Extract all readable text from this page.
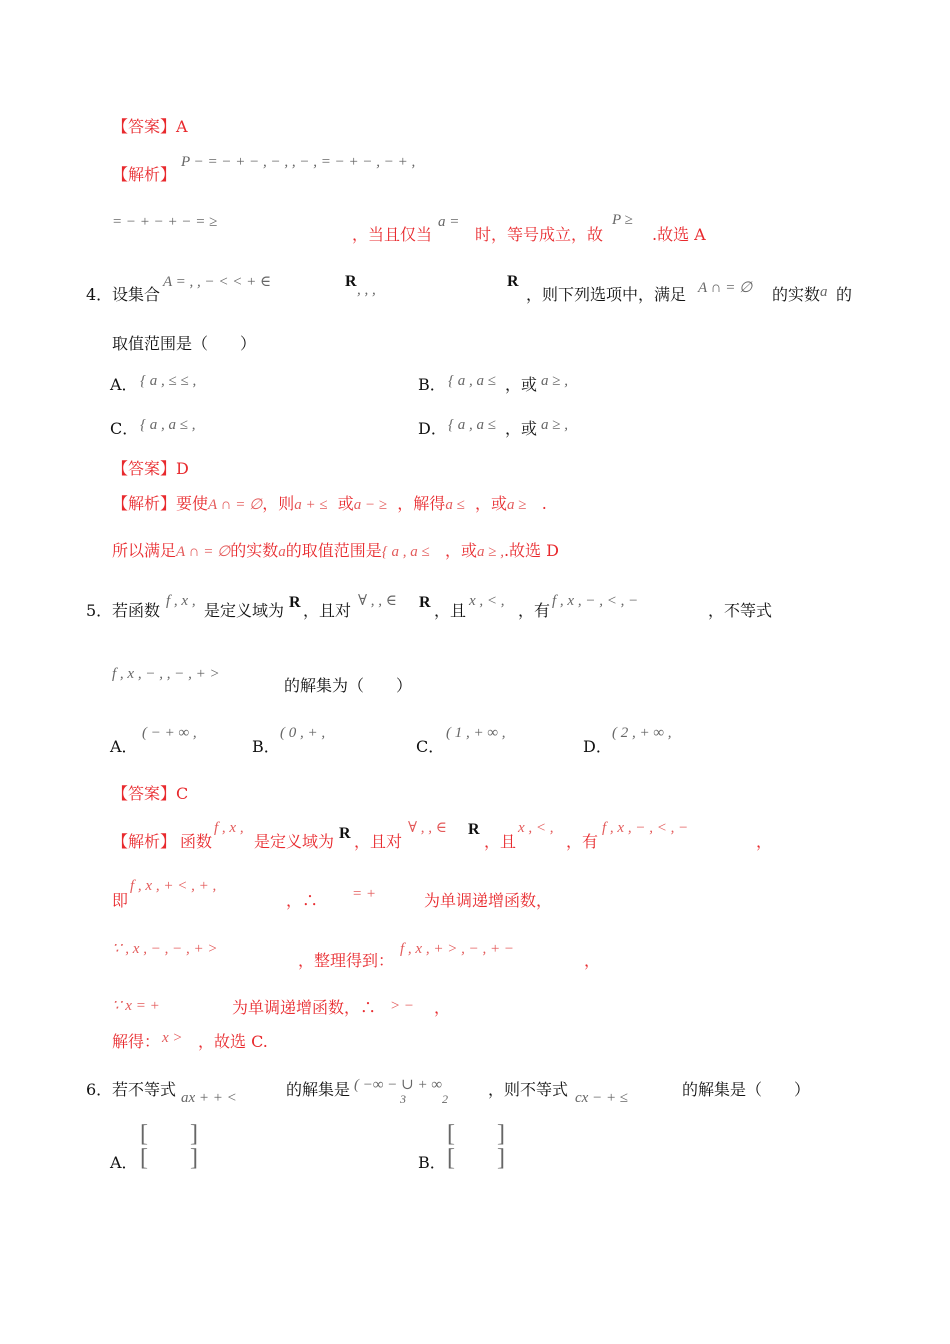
【答案】A
【解析】
P − = − + − , − , , − , = − + − , − + ,
= − + − + − = ≥
，当且仅当
a =
时，等号成立，故
P ≥
.故选 A
4． 设集合
A = , , − < < + ∈	R , , ,	R
，则下列选项中，满足 A ∩ = ∅ 的实数 a 的
取值范围是（　　）
A． { a , ≤ ≤ ,	B． { a , a ≤ ，或 a ≥ ,
C． { a , a ≤ ,	D． { a , a ≤ ，或 a ≥ ,
【答案】D
【解析】要使A ∩ = ∅，则a + ≤ 或a − ≥ ，解得a ≤ ，或a ≥ .
所以满足A ∩ = ∅的实数a的取值范围是{ a , a ≤ ，或a ≥ ,.故选 D
5． 若函数 f , x , 是定义域为 R ，且对 ∀ , , ∈ R ，且 x , < , ，有 f , x , − , < , −	，不等式
f , x , − , , − , + >
的解集为（　　）
A．
( − + ∞ ,
B．
( 0 , + ,
C．
( 1 , + ∞ ,
D．
( 2 , + ∞ ,
【答案】C
【解析】 函数
f , x ,
是定义域为 R ，且对
∀ , , ∈ R
，且
x , < ,
，有
f , x , − , < , −
，
即
f , x , + < , + ,
，∴ = +	为单调递增函数，
∵ , x , − , − , + >
，整理得到：
f , x , + > , − , + −
，
∵ x = +	为单调递增函数，∴ > − ，
解得： x > ，故选 C.
6． 若不等式 ax + + <	的解集是 ( −∞ − ∪ + ∞
3	2	，则不等式 cx − + ≤	的解集是（　　）
A．
[ ]
[ ]	B．
[ ]
[ ]
